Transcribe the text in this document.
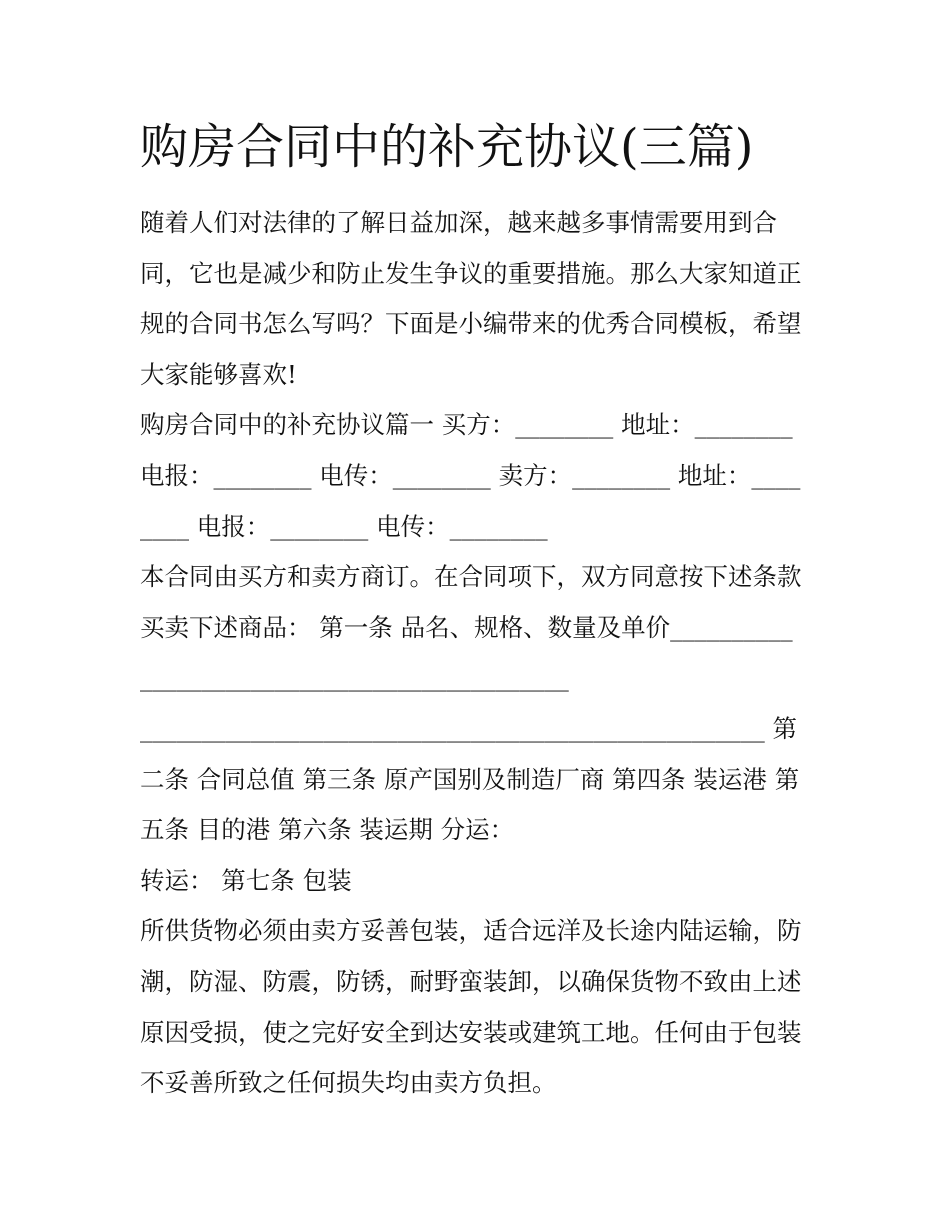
购房合同中的补充协议(三篇)
随着人们对法律的了解日益加深，越来越多事情需要用到合
同，它也是减少和防止发生争议的重要措施。那么大家知道正
规的合同书怎么写吗？下面是小编带来的优秀合同模板，希望
大家能够喜欢!
购房合同中的补充协议篇一 买方：________ 地址：________
电报：________ 电传：________ 卖方：________ 地址：____
____ 电报：________ 电传：________
本合同由买方和卖方商订。在合同项下，双方同意按下述条款
买卖下述商品： 第一条 品名、规格、数量及单价__________
___________________________________
___________________________________________________ 第
二条 合同总值 第三条 原产国别及制造厂商 第四条 装运港 第
五条 目的港 第六条 装运期 分运：
转运： 第七条 包装
所供货物必须由卖方妥善包装，适合远洋及长途内陆运输，防
潮，防湿、防震，防锈，耐野蛮装卸，以确保货物不致由上述
原因受损，使之完好安全到达安装或建筑工地。任何由于包装
不妥善所致之任何损失均由卖方负担。
